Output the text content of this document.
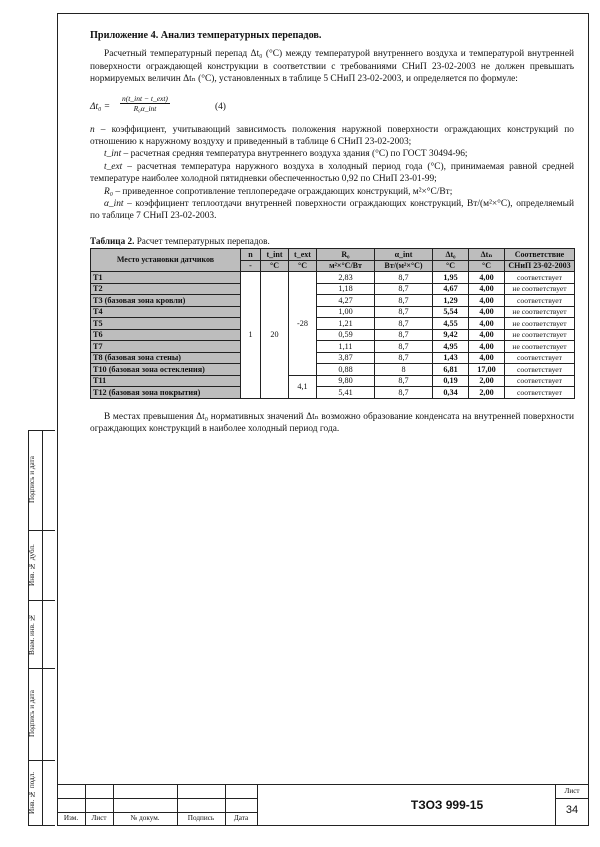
Приложение 4. Анализ температурных перепадов.

Расчетный температурный перепад Δt₀ (°С) между температурой внутреннего воздуха и температурой внутренней поверхности ограждающей конструкции в соответствии с требованиями СНиП 23-02-2003 не должен превышать нормируемых величин Δtₙ (°С), установленных в таблице 5 СНиП 23-02-2003, и определяется по формуле:

Δt₀ =
n(t_int − t_ext)
R₀α_int	(4)

n – коэффициент, учитывающий зависимость положения наружной поверхности ограждающих конструкций по отношению к наружному воздуху и приведенный в таблице 6 СНиП 23-02-2003;

t_int – расчетная средняя температура внутреннего воздуха здания (°С) по ГОСТ 30494-96;

t_ext – расчетная температура наружного воздуха в холодный период года (°С), принимаемая равной средней температуре наиболее холодной пятидневки обеспеченностью 0,92 по СНиП 23-01-99;

R₀ – приведенное сопротивление теплопередаче ограждающих конструкций, м²×°С/Вт;

α_int – коэффициент теплоотдачи внутренней поверхности ограждающих конструкций, Вт/(м²×°С), определяемый по таблице 7 СНиП 23-02-2003.

Таблица 2. Расчет температурных перепадов.
Место установки датчиков	n	t_int	t_ext	R₀	α_int	Δt₀	Δtₙ	Соответствие
	-	°С	°С	м²×°С/Вт	Вт/(м²×°С)	°С	°С	СНиП 23-02-2003
Т1	1	20	-28	2,83	8,7	1,95	4,00	соответствует
Т2				1,18	8,7	4,67	4,00	не соответствует
Т3 (базовая зона кровли)				4,27	8,7	1,29	4,00	соответствует
Т4				1,00	8,7	5,54	4,00	не соответствует
Т5				1,21	8,7	4,55	4,00	не соответствует
Т6				0,59	8,7	9,42	4,00	не соответствует
Т7				1,11	8,7	4,95	4,00	не соответствует
Т8 (базовая зона стены)				3,87	8,7	1,43	4,00	соответствует
Т10 (базовая зона остекления)				0,88	8	6,81	17,00	соответствует
Т11			4,1	9,80	8,7	0,19	2,00	соответствует
Т12 (базовая зона покрытия)				5,41	8,7	0,34	2,00	соответствует

В местах превышения Δt₀ нормативных значений Δtₙ возможно образование конденсата на внутренней поверхности ограждающих конструкций в наиболее холодный период года.

Подпись и дата
Инв. № дубл.
Взам. инв. №
Подпись и дата
Инв. № подл.
Изм.	Лист	№ докум.	Подпись	Дата
ТЗОЗ 999-15
Лист
34
